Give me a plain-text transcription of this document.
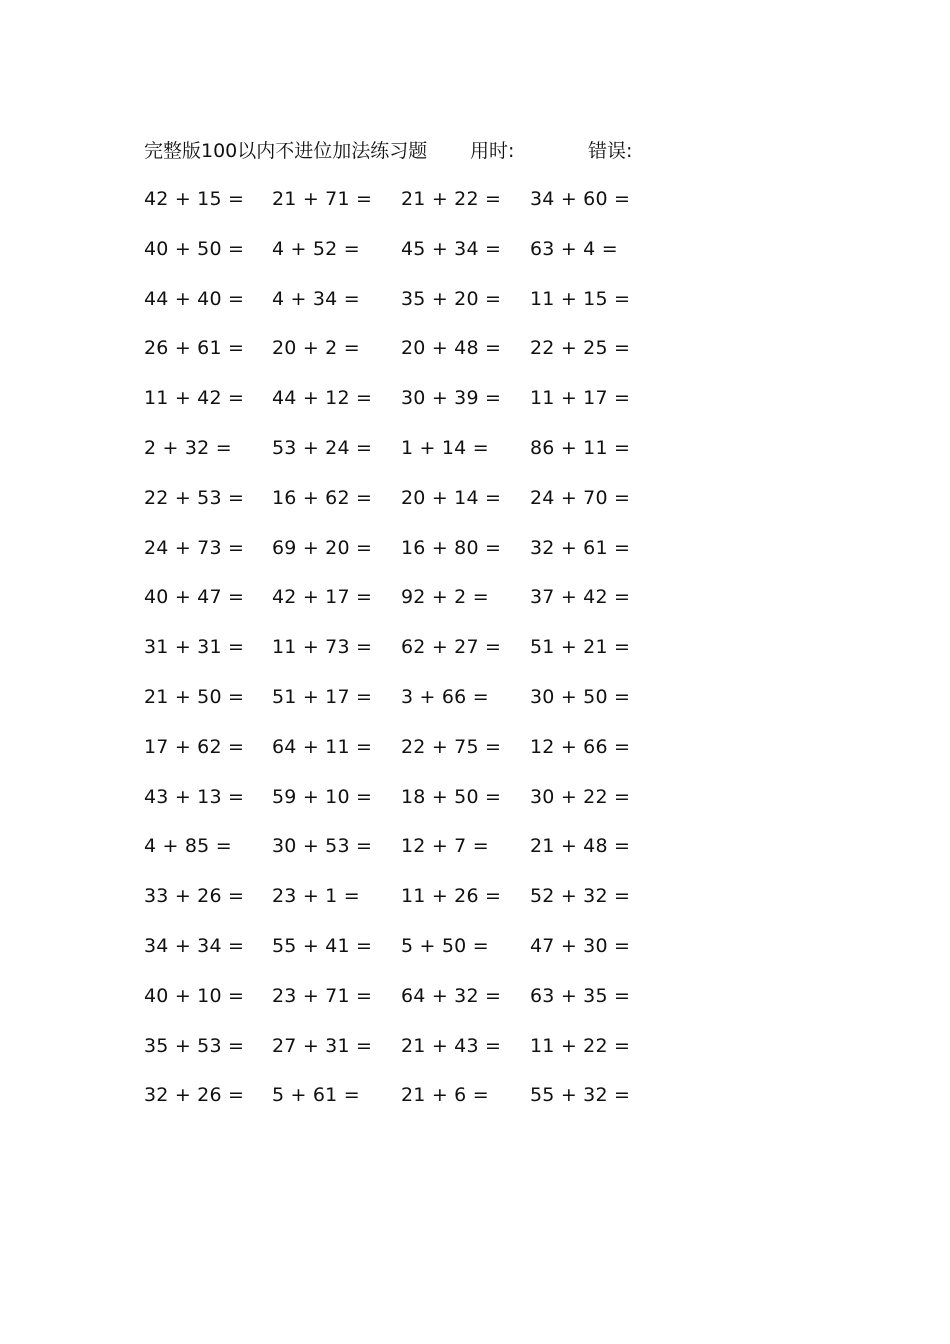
完整版100以内不进位加法练习题 用时:	错误:
42 + 15 = 21 + 71 = 21 + 22 = 34 + 60 =
40 + 50 = 4 + 52 = 45 + 34 = 63 + 4 =
44 + 40 = 4 + 34 = 35 + 20 = 11 + 15 =
26 + 61 = 20 + 2 = 20 + 48 = 22 + 25 =
11 + 42 = 44 + 12 = 30 + 39 = 11 + 17 =
2 + 32 = 53 + 24 = 1 + 14 = 86 + 11 =
22 + 53 = 16 + 62 = 20 + 14 = 24 + 70 =
24 + 73 = 69 + 20 = 16 + 80 = 32 + 61 =
40 + 47 = 42 + 17 = 92 + 2 = 37 + 42 =
31 + 31 = 11 + 73 = 62 + 27 = 51 + 21 =
21 + 50 = 51 + 17 = 3 + 66 = 30 + 50 =
17 + 62 = 64 + 11 = 22 + 75 = 12 + 66 =
43 + 13 = 59 + 10 = 18 + 50 = 30 + 22 =
4 + 85 = 30 + 53 = 12 + 7 = 21 + 48 =
33 + 26 = 23 + 1 = 11 + 26 = 52 + 32 =
34 + 34 = 55 + 41 = 5 + 50 = 47 + 30 =
40 + 10 = 23 + 71 = 64 + 32 = 63 + 35 =
35 + 53 = 27 + 31 = 21 + 43 = 11 + 22 =
32 + 26 = 5 + 61 = 21 + 6 = 55 + 32 =
